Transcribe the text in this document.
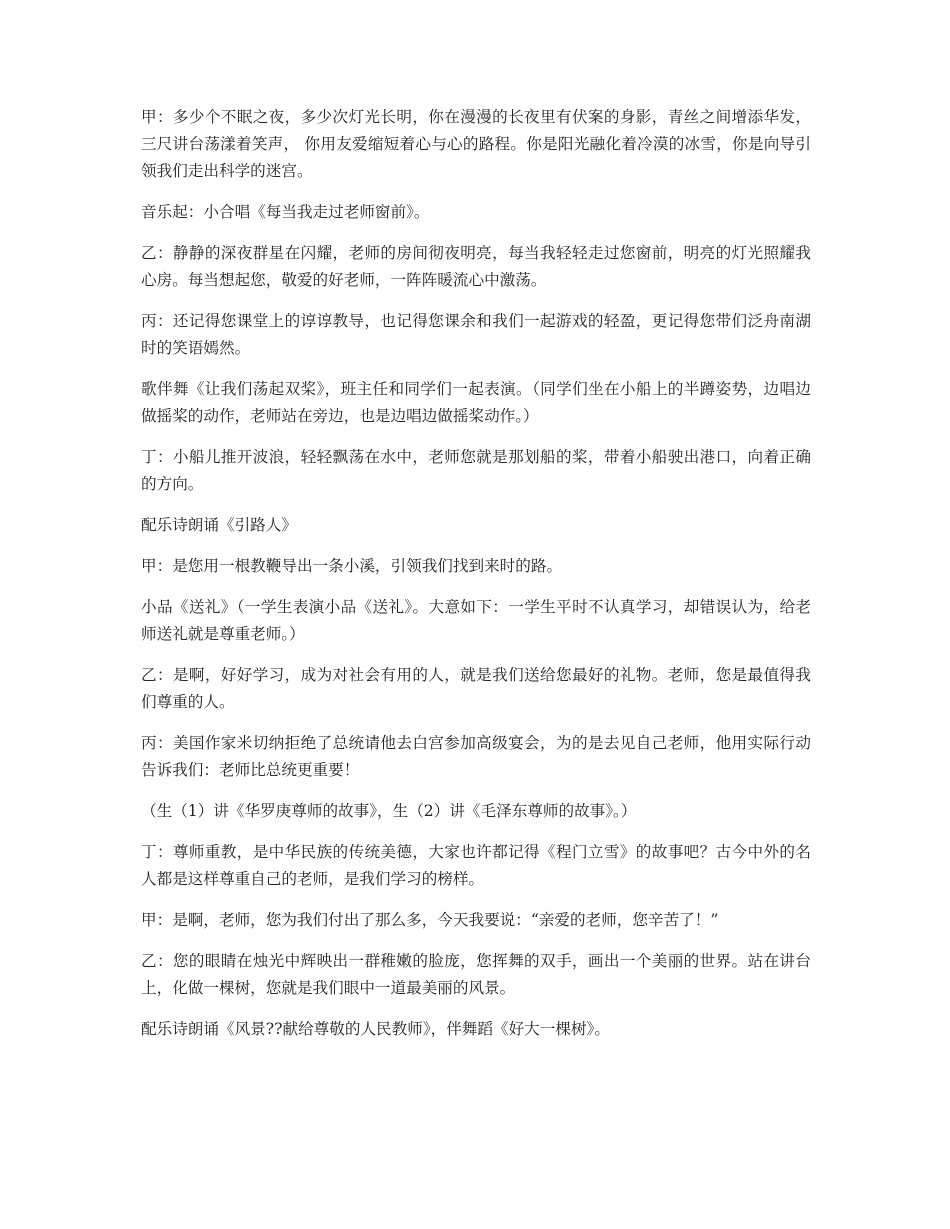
甲：多少个不眠之夜，多少次灯光长明，你在漫漫的长夜里有伏案的身影，青丝之间增添华发，三尺讲台荡漾着笑声， 你用友爱缩短着心与心的路程。你是阳光融化着冷漠的冰雪，你是向导引领我们走出科学的迷宫。

音乐起：小合唱《每当我走过老师窗前》。

乙：静静的深夜群星在闪耀，老师的房间彻夜明亮，每当我轻轻走过您窗前，明亮的灯光照耀我心房。每当想起您，敬爱的好老师，一阵阵暖流心中激荡。

丙：还记得您课堂上的谆谆教导，也记得您课余和我们一起游戏的轻盈，更记得您带们泛舟南湖时的笑语嫣然。

歌伴舞《让我们荡起双桨》，班主任和同学们一起表演。（同学们坐在小船上的半蹲姿势，边唱边做摇桨的动作，老师站在旁边，也是边唱边做摇桨动作。）

丁：小船儿推开波浪，轻轻飘荡在水中，老师您就是那划船的桨，带着小船驶出港口，向着正确的方向。

配乐诗朗诵《引路人》

甲：是您用一根教鞭导出一条小溪，引领我们找到来时的路。

小品《送礼》（一学生表演小品《送礼》。大意如下：一学生平时不认真学习，却错误认为，给老师送礼就是尊重老师。）

乙：是啊，好好学习，成为对社会有用的人，就是我们送给您最好的礼物。老师，您是最值得我们尊重的人。

丙：美国作家米切纳拒绝了总统请他去白宫参加高级宴会，为的是去见自己老师，他用实际行动告诉我们：老师比总统更重要！

（生（1）讲《华罗庚尊师的故事》，生（2）讲《毛泽东尊师的故事》。）

丁：尊师重教，是中华民族的传统美德，大家也许都记得《程门立雪》的故事吧？古今中外的名人都是这样尊重自己的老师，是我们学习的榜样。

甲：是啊，老师，您为我们付出了那么多，今天我要说：“亲爱的老师，您辛苦了！”

乙：您的眼睛在烛光中辉映出一群稚嫩的脸庞，您挥舞的双手，画出一个美丽的世界。站在讲台上，化做一棵树，您就是我们眼中一道最美丽的风景。

配乐诗朗诵《风景??献给尊敬的人民教师》，伴舞蹈《好大一棵树》。
